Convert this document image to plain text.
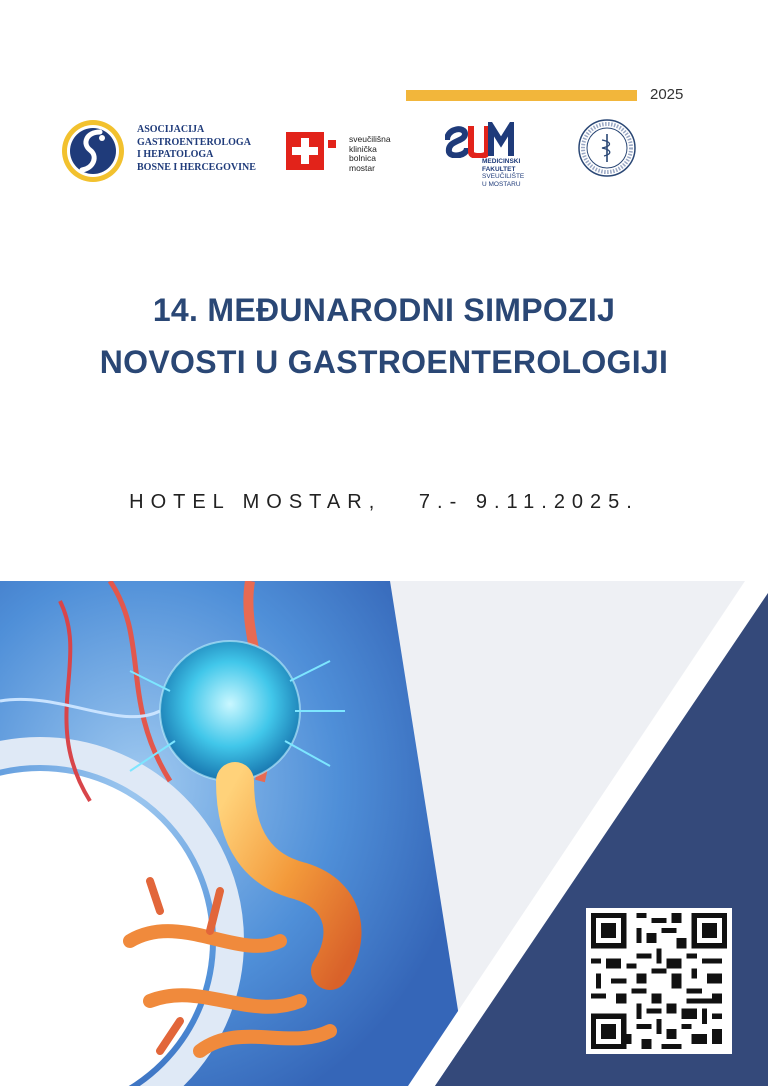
2025
ASOCIJACIJA
GASTROENTEROLOGA
I HEPATOLOGA
BOSNE I HERCEGOVINE
sveučilišna
klinička
bolnica
mostar
MEDICINSKI
FAKULTET
SVEUČILIŠTE
U MOSTARU
14. MEĐUNARODNI SIMPOZIJ
NOVOSTI U GASTROENTEROLOGIJI
HOTEL MOSTAR,   7.- 9.11.2025.
